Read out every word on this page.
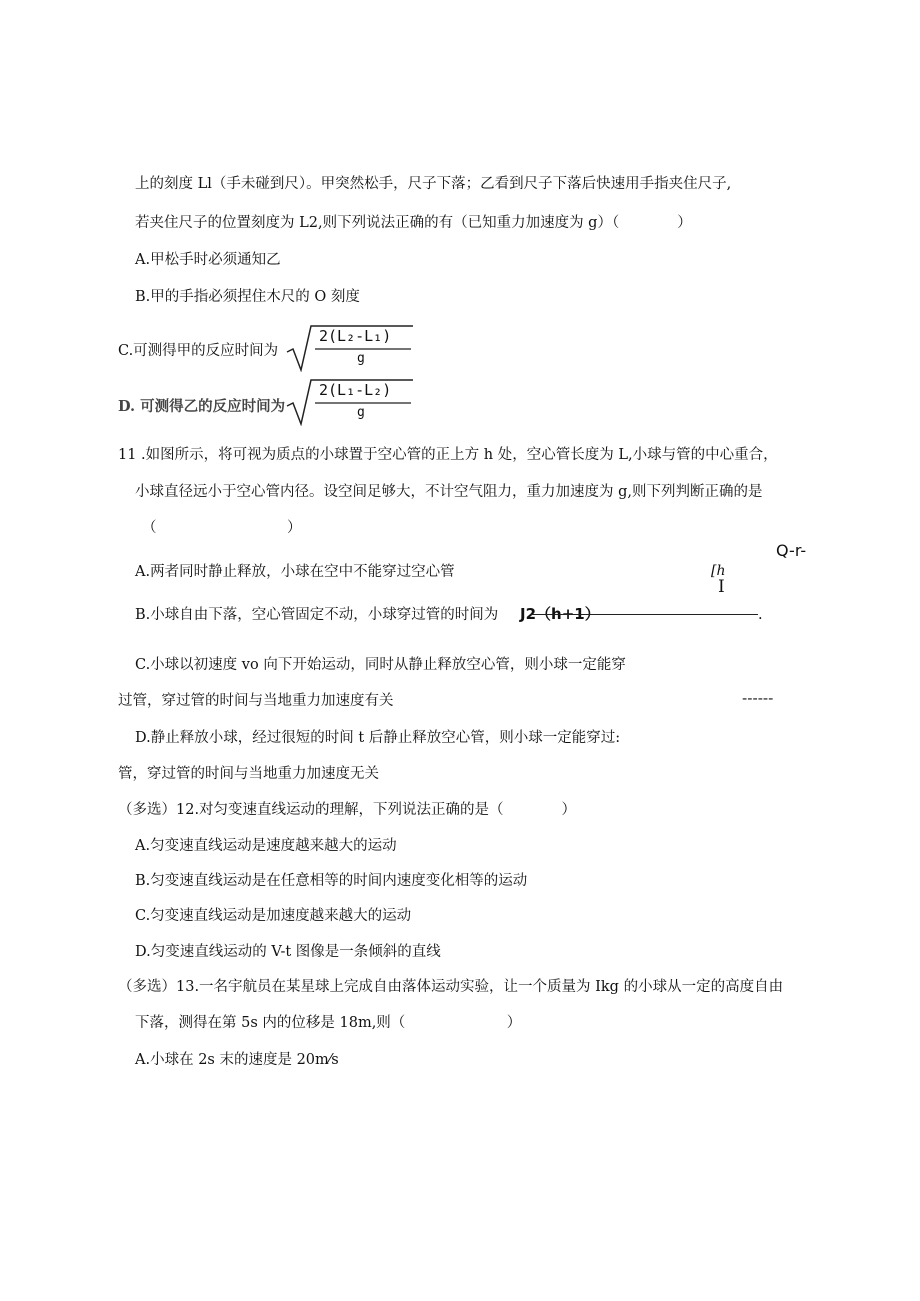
上的刻度 Ll（手未碰到尺）。甲突然松手，尺子下落；乙看到尺子下落后快速用手指夹住尺子,
若夹住尺子的位置刻度为 L2,则下列说法正确的有（已知重力加速度为 g）（　　　　）
A.甲松手时必须通知乙
B.甲的手指必须捏住木尺的 O 刻度
C.可测得甲的反应时间为
2(L₂-L₁)
g
D. 可测得乙的反应时间为
2(L₁-L₂)
g
11 .如图所示，将可视为质点的小球置于空心管的正上方 h 处，空心管长度为 L,小球与管的中心重合，
小球直径远小于空心管内径。设空间足够大，不计空气阻力，重力加速度为 g,则下列判断正确的是
（　　　　　　　　　）
Q-r-
A.两者同时静止释放，小球在空中不能穿过空心管	[h
I
B.小球自由下落，空心管固定不动，小球穿过管的时间为 J2（h+1）	.
C.小球以初速度 vo 向下开始运动，同时从静止释放空心管，则小球一定能穿
过管，穿过管的时间与当地重力加速度有关	------
D.静止释放小球，经过很短的时间 t 后静止释放空心管，则小球一定能穿过:
管，穿过管的时间与当地重力加速度无关
（多选）12.对匀变速直线运动的理解，下列说法正确的是（　　　　）
A.匀变速直线运动是速度越来越大的运动
B.匀变速直线运动是在任意相等的时间内速度变化相等的运动
C.匀变速直线运动是加速度越来越大的运动
D.匀变速直线运动的 V-t 图像是一条倾斜的直线
（多选）13.一名宇航员在某星球上完成自由落体运动实验，让一个质量为 Ikg 的小球从一定的高度自由
下落，测得在第 5s 内的位移是 18m,则（　　　　　　　）
A.小球在 2s 末的速度是 20m⁄s
